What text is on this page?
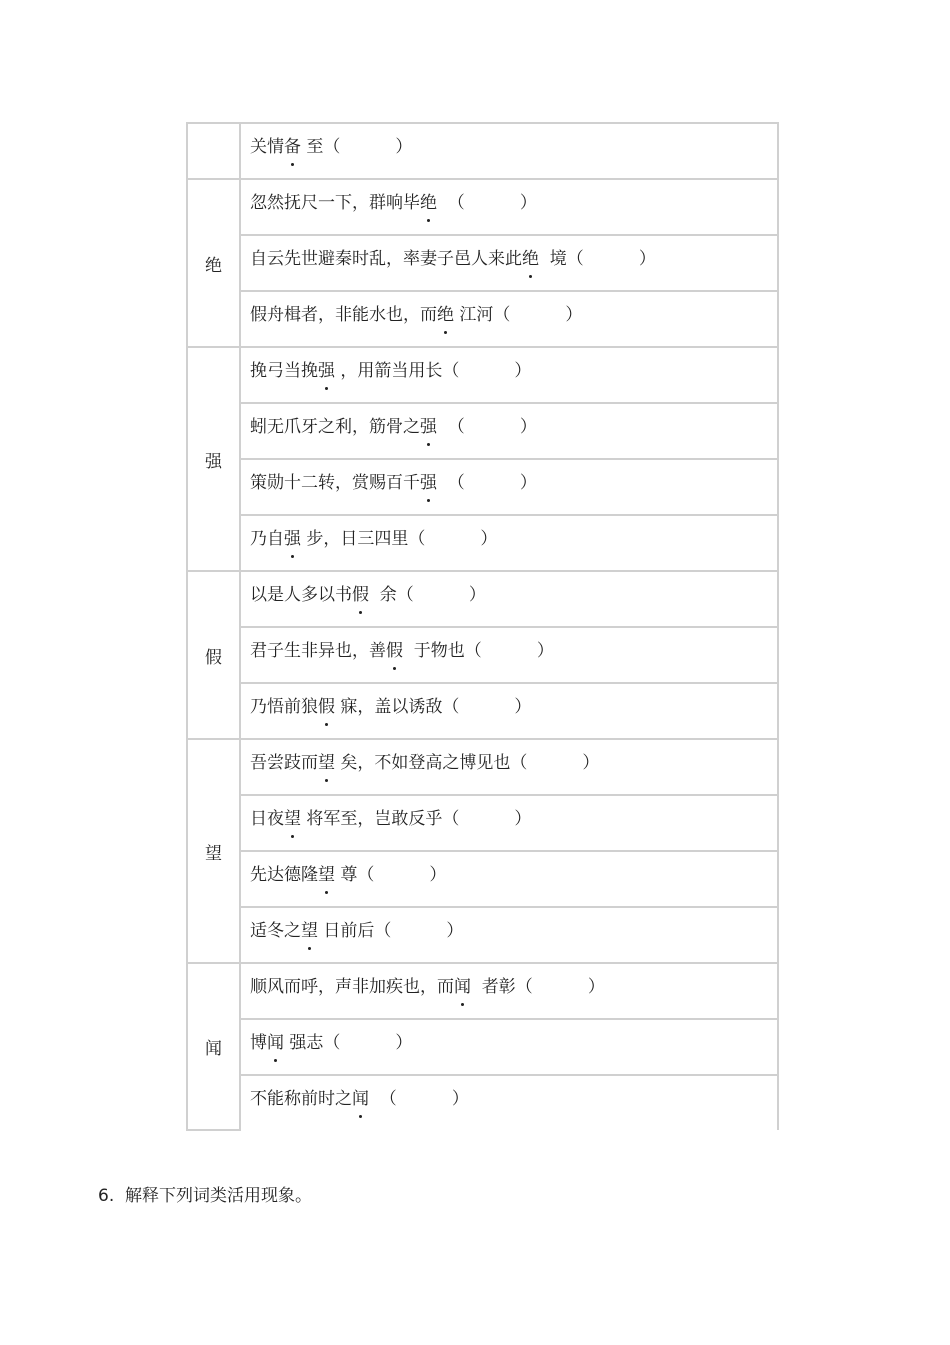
	关情备 至（ ）
绝	忽然抚尺一下，群响毕绝  （ ）
	自云先世避秦时乱，率妻子邑人来此绝  境（ ）
	假舟楫者，非能水也，而绝 江河（ ）
强	挽弓当挽强 ，用箭当用长（ ）
	蚓无爪牙之利，筋骨之强  （ ）
	策勋十二转，赏赐百千强  （ ）
	乃自强 步，日三四里（ ）
假	以是人多以书假  余（ ）
	君子生非异也，善假  于物也（ ）
	乃悟前狼假 寐，盖以诱敌（ ）
望	吾尝跂而望 矣，不如登高之博见也（ ）
	日夜望 将军至，岂敢反乎（ ）
	先达德隆望 尊（ ）
	适冬之望 日前后（ ）
闻	顺风而呼，声非加疾也，而闻  者彰（ ）
	博闻 强志（ ）
	不能称前时之闻  （ ）
6.  解释下列词类活用现象。
